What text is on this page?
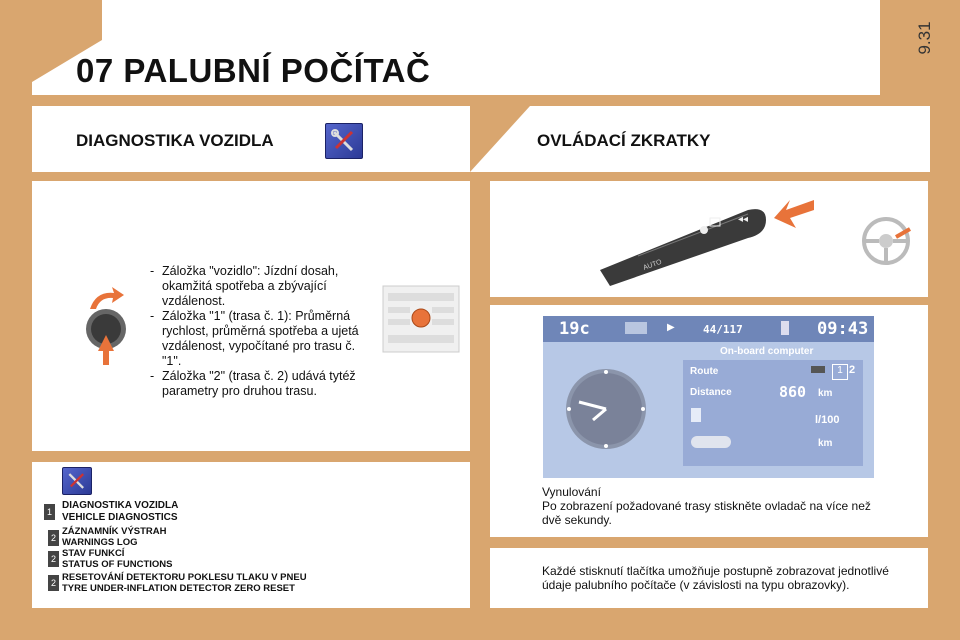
9.31
07 PALUBNÍ POČÍTAČ
DIAGNOSTIKA VOZIDLA	OVLÁDACÍ ZKRATKY
- Záložka "vozidlo": Jízdní dosah, okamžitá spotřeba a zbývající vzdálenost.
- Záložka "1" (trasa č. 1): Průměrná rychlost, průměrná spotřeba a ujetá vzdálenost, vypočítané pro trasu č. "1".
- Záložka "2" (trasa č. 2) udává tytéž parametry pro druhou trasu.
1
DIAGNOSTIKA VOZIDLA
VEHICLE DIAGNOSTICS
2
ZÁZNAMNÍK VÝSTRAH
WARNINGS LOG
2 STAV FUNKCÍ
STATUS OF FUNCTIONS
2 RESETOVÁNÍ DETEKTORU POKLESU TLAKU V PNEU
TYRE UNDER-INFLATION DETECTOR ZERO RESET
◂◂
AUTO
19c	▶	44/117	09:43
On-board computer
Route	1 2
Distance	860 km
l/100
km
Vynulování
Po zobrazení požadované trasy stiskněte ovladač na více než dvě sekundy.
Každé stisknutí tlačítka umožňuje postupně zobrazovat jednotlivé údaje palubního počítače (v závislosti na typu obrazovky).
